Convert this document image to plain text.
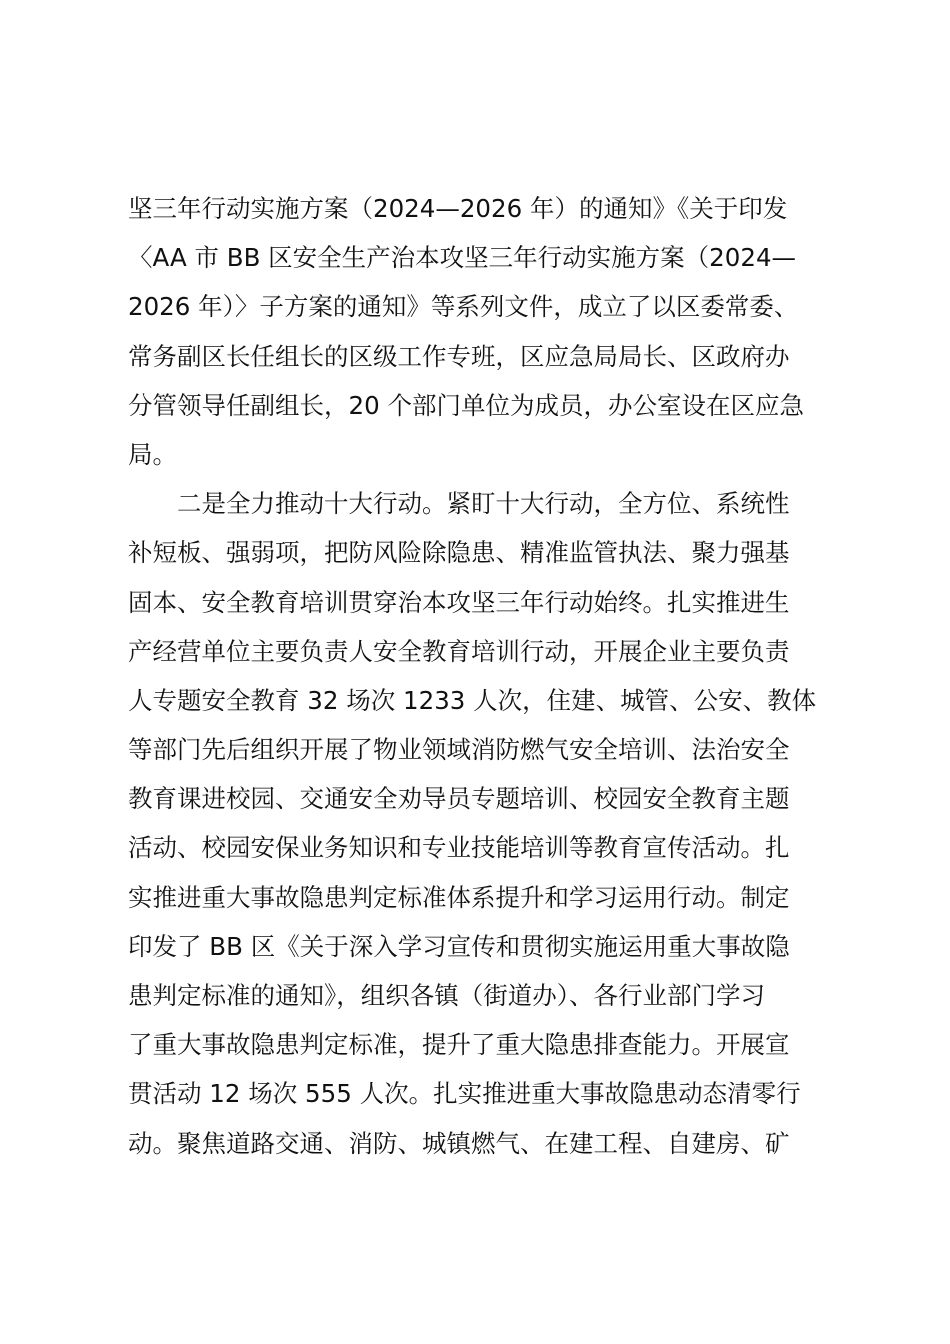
坚三年行动实施方案（2024—2026 年）的通知》《关于印发
〈AA 市 BB 区安全生产治本攻坚三年行动实施方案（2024—
2026 年）〉子方案的通知》等系列文件，成立了以区委常委、
常务副区长任组长的区级工作专班，区应急局局长、区政府办
分管领导任副组长，20 个部门单位为成员，办公室设在区应急
局。
二是全力推动十大行动。紧盯十大行动，全方位、系统性
补短板、强弱项，把防风险除隐患、精准监管执法、聚力强基
固本、安全教育培训贯穿治本攻坚三年行动始终。扎实推进生
产经营单位主要负责人安全教育培训行动，开展企业主要负责
人专题安全教育 32 场次 1233 人次，住建、城管、公安、教体
等部门先后组织开展了物业领域消防燃气安全培训、法治安全
教育课进校园、交通安全劝导员专题培训、校园安全教育主题
活动、校园安保业务知识和专业技能培训等教育宣传活动。扎
实推进重大事故隐患判定标准体系提升和学习运用行动。制定
印发了 BB 区《关于深入学习宣传和贯彻实施运用重大事故隐
患判定标准的通知》，组织各镇（街道办）、各行业部门学习
了重大事故隐患判定标准，提升了重大隐患排查能力。开展宣
贯活动 12 场次 555 人次。扎实推进重大事故隐患动态清零行
动。聚焦道路交通、消防、城镇燃气、在建工程、自建房、矿
